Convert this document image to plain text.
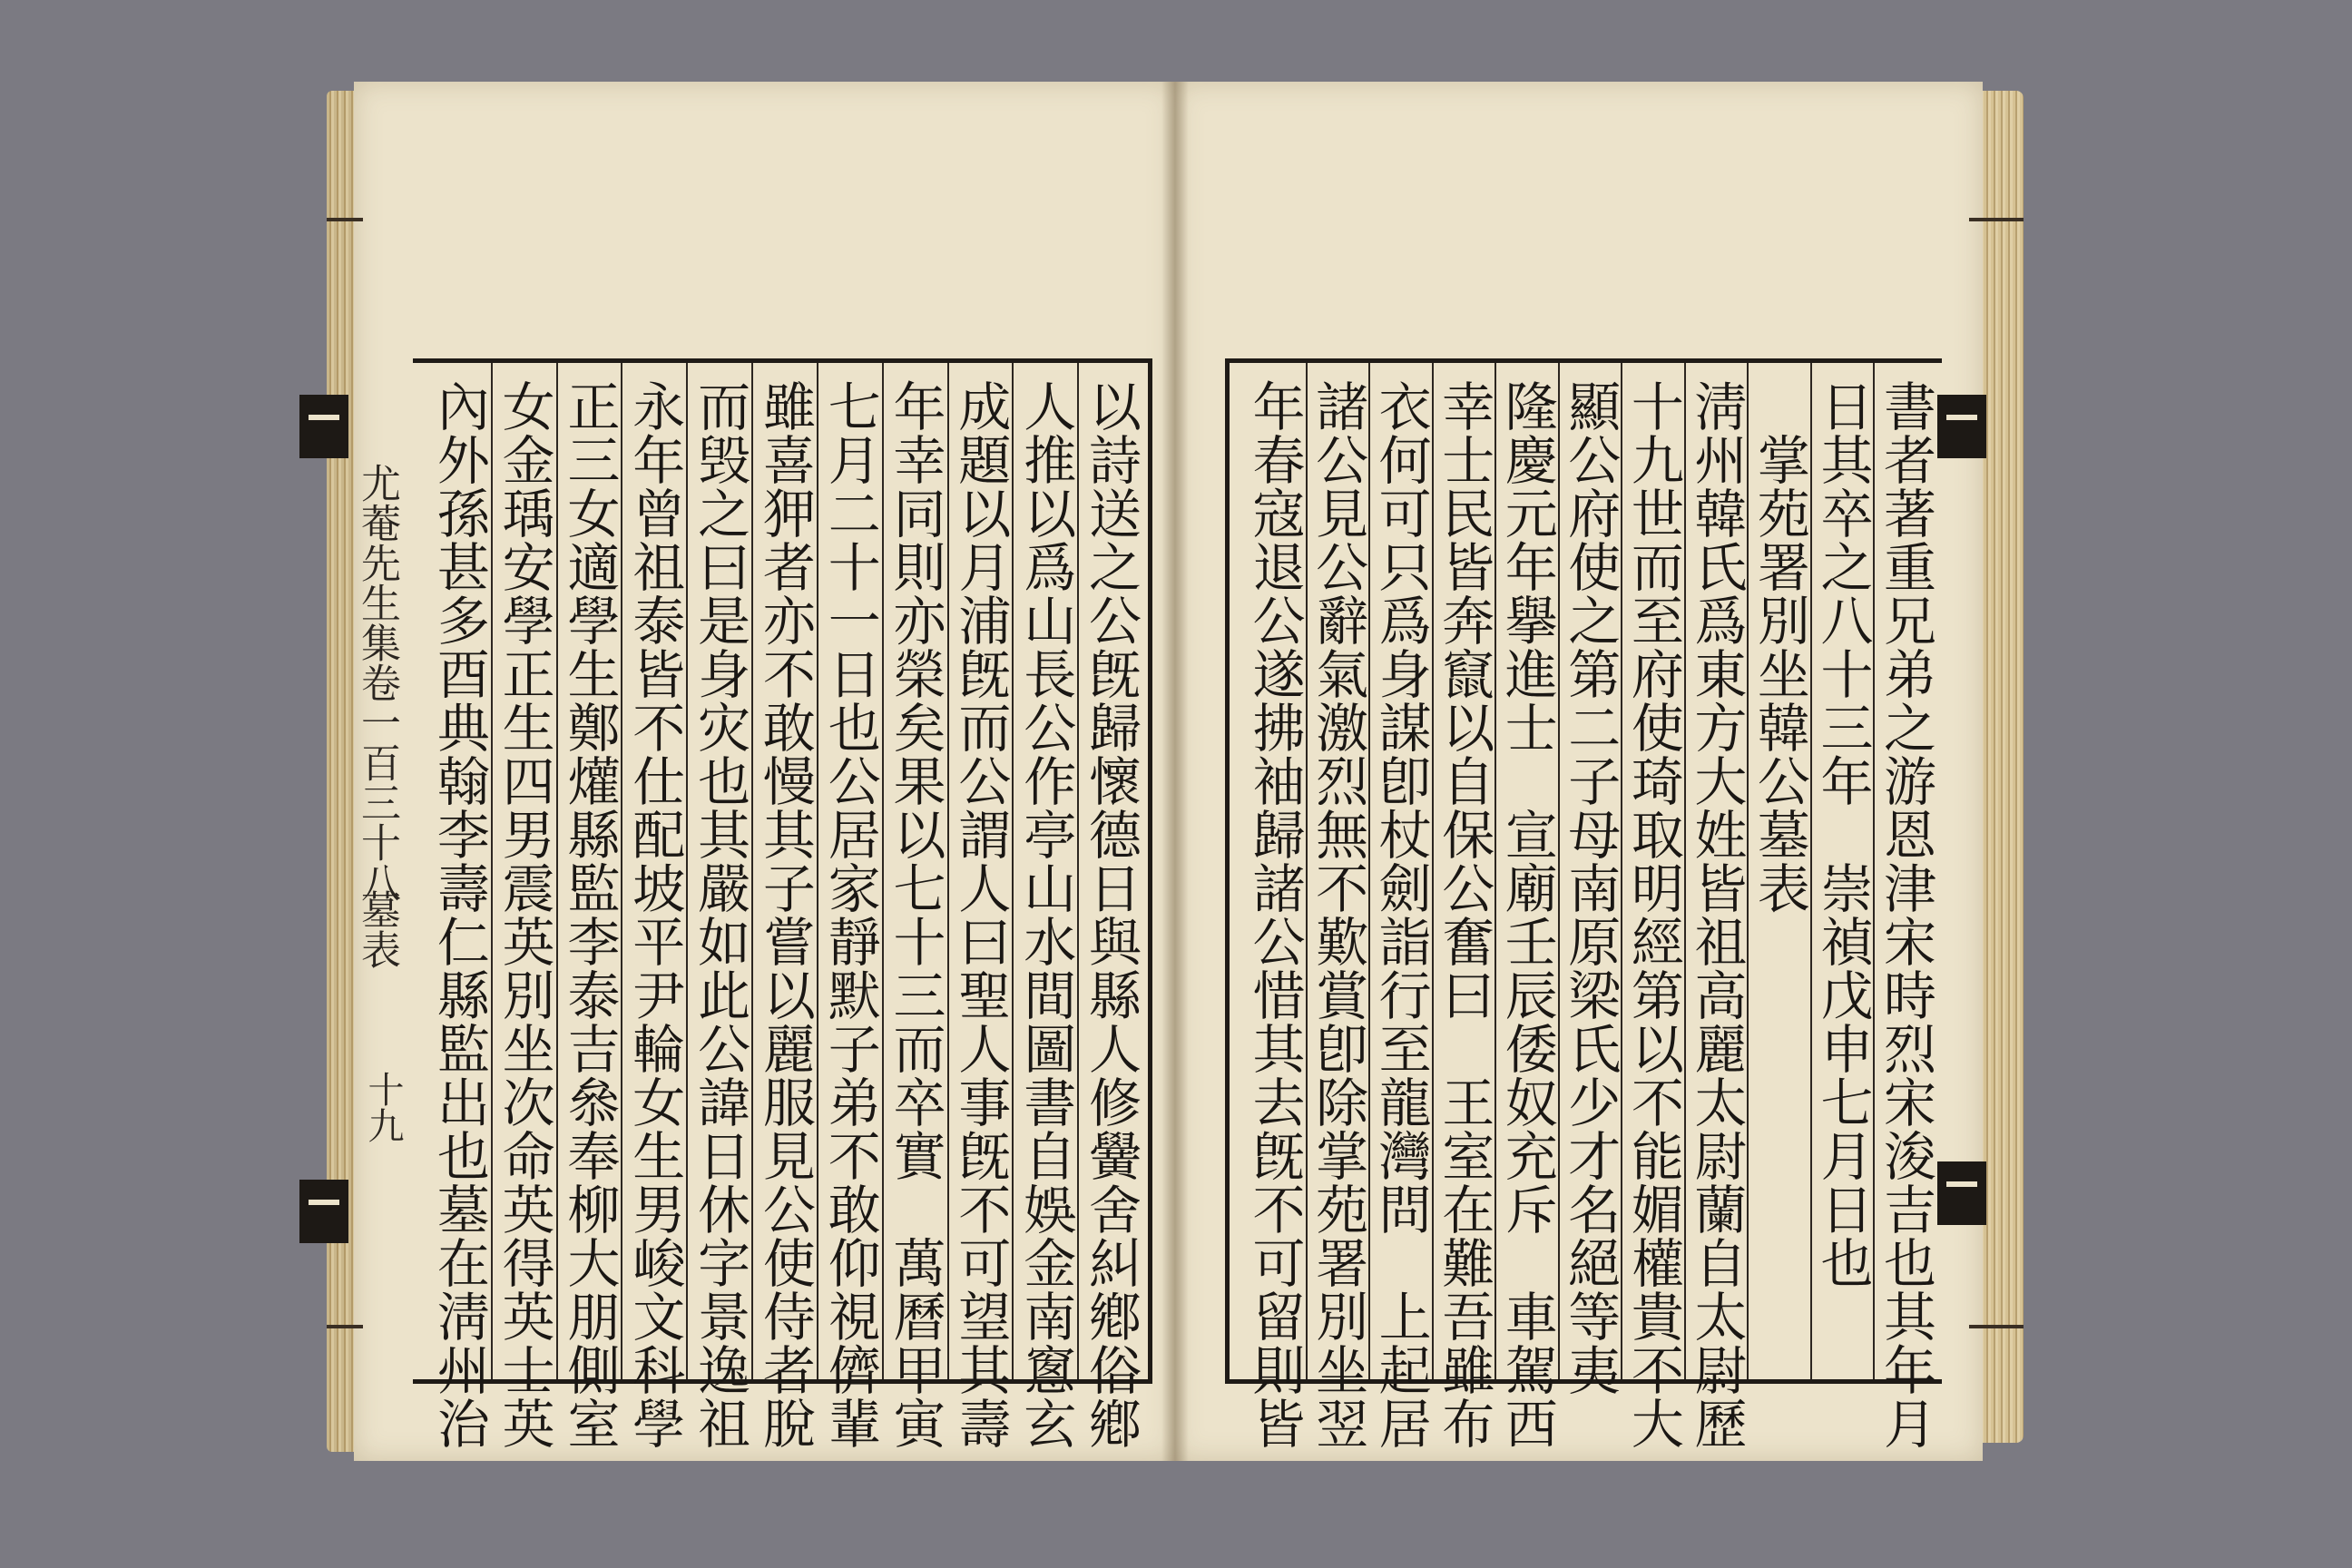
以詩送之公旣歸懷德日與縣人修黌舍糾鄕俗鄕
人推以爲山長公作亭山水間圖書自娛金南窻玄
成題以月浦旣而公謂人曰聖人事旣不可望其壽
年幸同則亦榮矣果以七十三而卒實　萬曆甲寅
七月二十一日也公居家靜默子弟不敢仰視儕輩
雖喜狎者亦不敢慢其子嘗以麗服見公使侍者脫
而毁之曰是身灾也其嚴如此公諱日休字景逸祖
永年曾祖泰皆不仕配坡平尹輪女生男峻文科學
正三女適學生鄭爟縣監李泰吉叅奉柳大朋側室
女金瑀安學正生四男震英別坐次命英得英士英
內外孫甚多酉典翰李壽仁縣監出也墓在淸州治
尤菴先生集卷一百三十八
墓表
十九	書者著重兄弟之游恩津宋時烈宋浚吉也其年月
日其卒之八十三年　崇禎戊申七月日也
　掌苑署別坐韓公墓表
淸州韓氏爲東方大姓皆祖高麗太尉蘭自太尉歷
十九世而至府使琦取明經第以不能媚權貴不大
顯公府使之第二子母南原梁氏少才名絕等夷
隆慶元年擧進士　宣廟壬辰倭奴充斥　車駕西
幸士民皆奔竄以自保公奮曰　王室在難吾雖布
衣何可只爲身謀卽杖劍詣行至龍灣問　上起居
諸公見公辭氣激烈無不歎賞卽除掌苑署別坐翌
年春寇退公遂拂袖歸諸公惜其去旣不可留則皆
